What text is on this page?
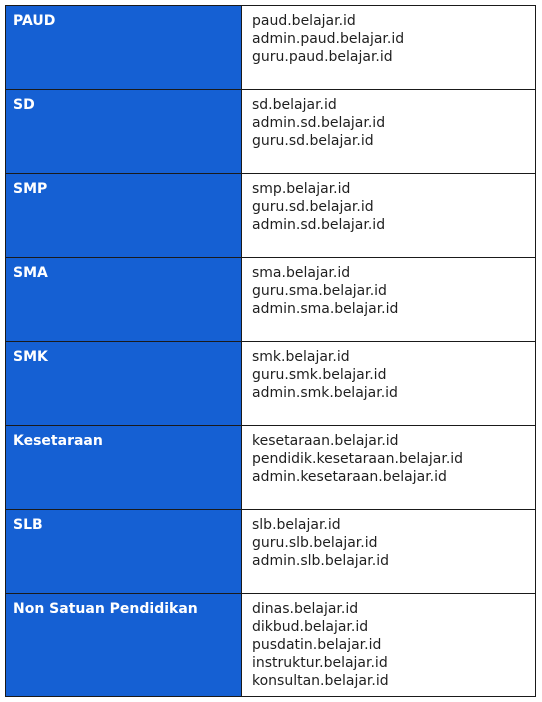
PAUD	paud.belajar.id
admin.paud.belajar.id
guru.paud.belajar.id

SD	sd.belajar.id
admin.sd.belajar.id
guru.sd.belajar.id

SMP	smp.belajar.id
guru.sd.belajar.id
admin.sd.belajar.id

SMA	sma.belajar.id
guru.sma.belajar.id
admin.sma.belajar.id

SMK	smk.belajar.id
guru.smk.belajar.id
admin.smk.belajar.id

Kesetaraan	kesetaraan.belajar.id
pendidik.kesetaraan.belajar.id
admin.kesetaraan.belajar.id

SLB	slb.belajar.id
guru.slb.belajar.id
admin.slb.belajar.id

Non Satuan Pendidikan	dinas.belajar.id
dikbud.belajar.id
pusdatin.belajar.id
instruktur.belajar.id
konsultan.belajar.id
